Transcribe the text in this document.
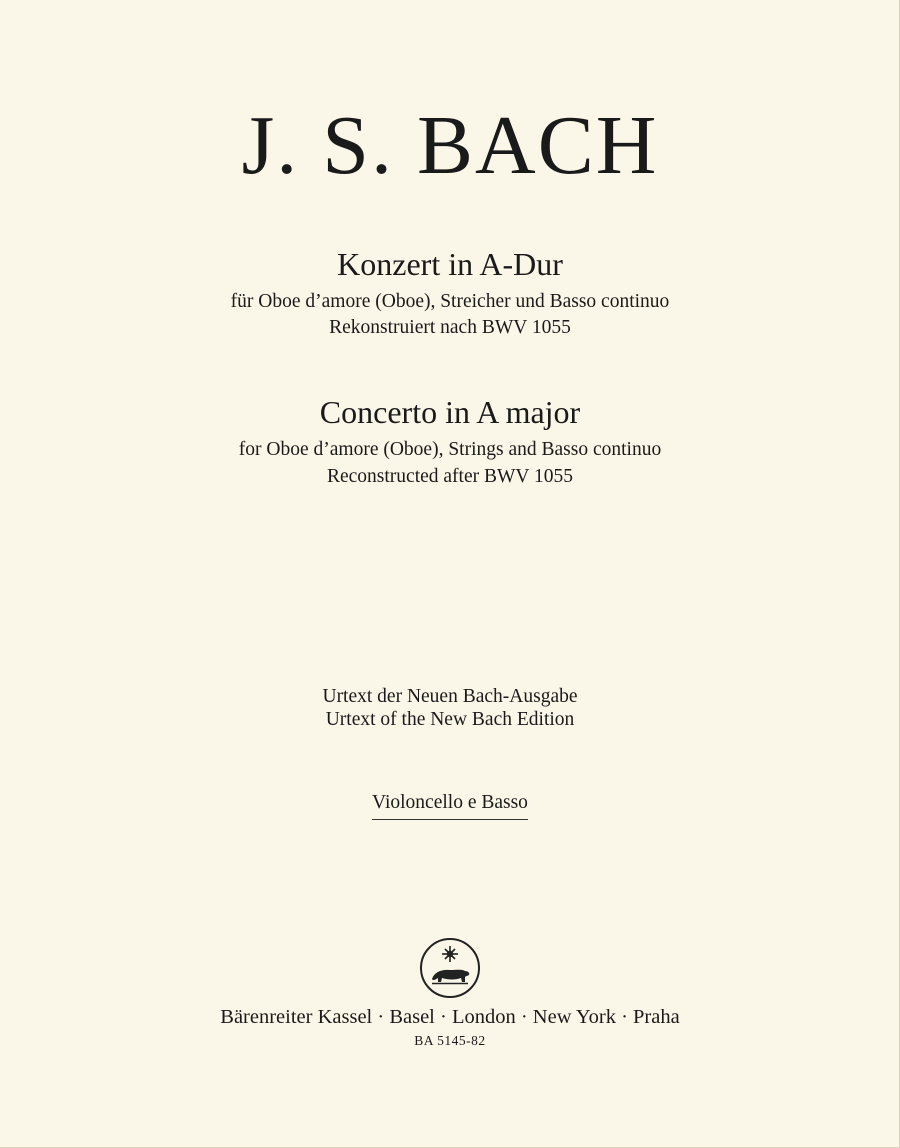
J. S. BACH
Konzert in A-Dur
für Oboe d’amore (Oboe), Streicher und Basso continuo
Rekonstruiert nach BWV 1055
Concerto in A major
for Oboe d’amore (Oboe), Strings and Basso continuo
Reconstructed after BWV 1055
Urtext der Neuen Bach-Ausgabe
Urtext of the New Bach Edition
Violoncello e Basso
Bärenreiter Kassel · Basel · London · New York · Praha
BA 5145-82
